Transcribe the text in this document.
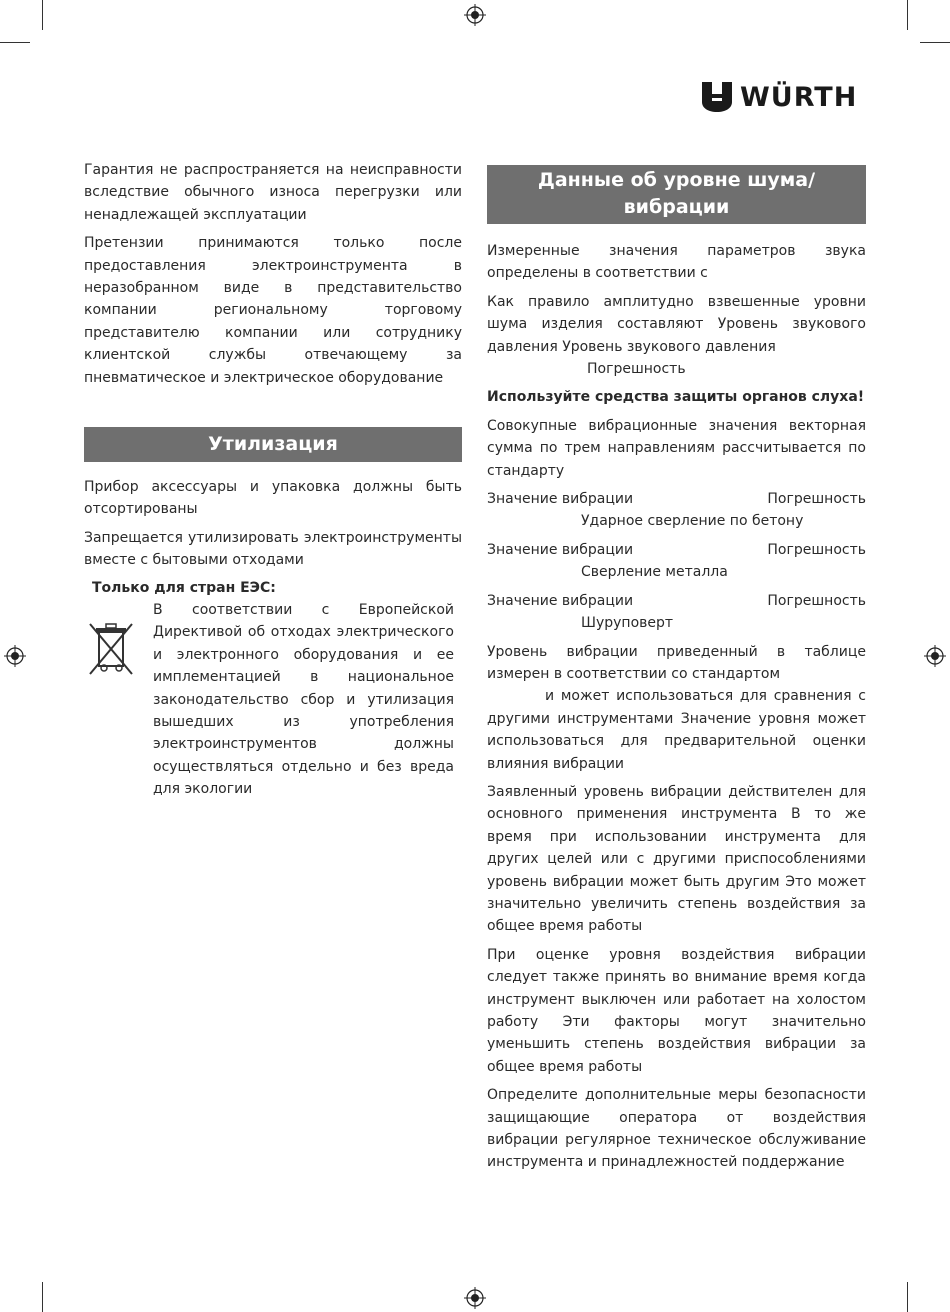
WÜRTH

Гарантия не распространяется на неисправности вследствие обычного износа перегрузки или ненадлежащей эксплуатации

Претензии принимаются только после предоставления электроинструмента в неразобранном виде в представительство компании региональному торговому представителю компании или сотруднику клиентской службы отвечающему за пневматическое и электрическое оборудование

Утилизация

Прибор аксессуары и упаковка должны быть отсортированы

Запрещается утилизировать электроинструменты вместе с бытовыми отходами

Только для стран ЕЭС:

В соответствии с Европейской Директивой об отходах электрического и электронного оборудования и ее имплементацией в национальное законодательство сбор и утилизация вышедших из употребления электроинструментов должны осуществляться отдельно и без вреда для экологии

Данные об уровне шума/
вибрации

Измеренные значения параметров звука определены в соответствии с

Как правило амплитудно взвешенные уровни шума изделия составляют Уровень звукового давления Уровень звукового давления

Погрешность

Используйте средства защиты органов слуха!

Совокупные вибрационные значения векторная сумма по трем направлениям рассчитывается по стандарту

Значение вибрации	Погрешность
Ударное сверление по бетону
Значение вибрации	Погрешность
Сверление металла
Значение вибрации	Погрешность
Шуруповерт

Уровень вибрации приведенный в таблице измерен в соответствии со стандартом

и может использоваться для сравнения с другими инструментами Значение уровня может использоваться для предварительной оценки влияния вибрации

Заявленный уровень вибрации действителен для основного применения инструмента В то же время при использовании инструмента для других целей или с другими приспособлениями уровень вибрации может быть другим Это может значительно увеличить степень воздействия за общее время работы

При оценке уровня воздействия вибрации следует также принять во внимание время когда инструмент выключен или работает на холостом работу Эти факторы могут значительно уменьшить степень воздействия вибрации за общее время работы

Определите дополнительные меры безопасности защищающие оператора от воздействия вибрации регулярное техническое обслуживание инструмента и принадлежностей поддержание
